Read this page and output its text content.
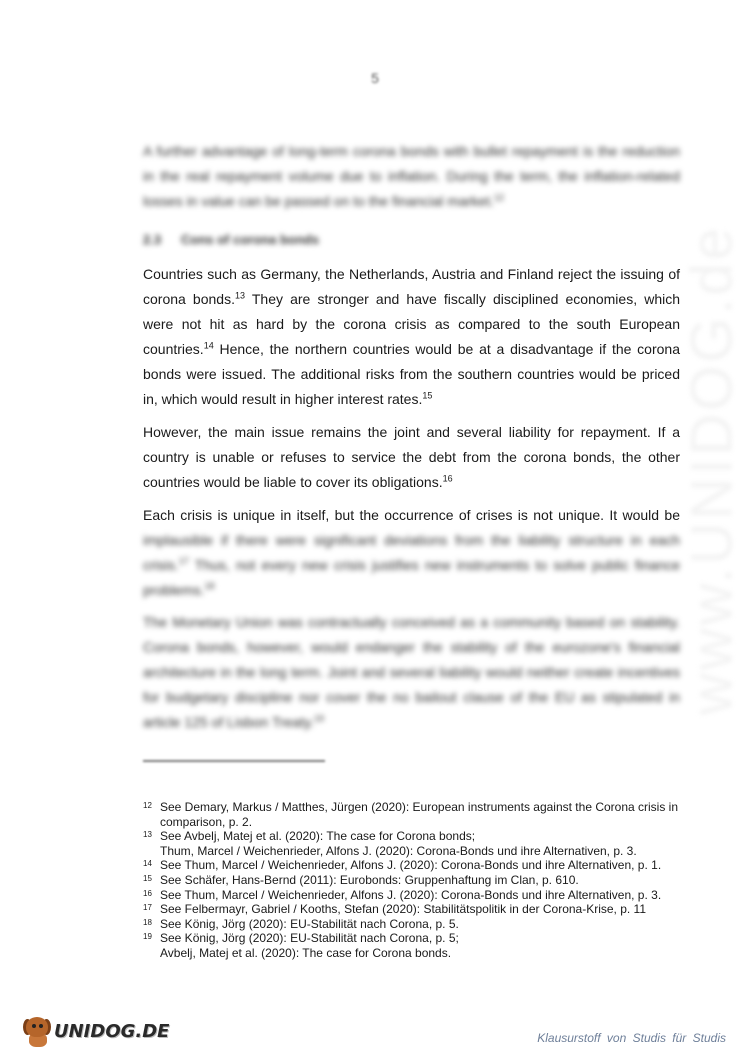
5
www.UNIDOG.de

A further advantage of long-term corona bonds with bullet repayment is the reduction in the real repayment volume due to inflation. During the term, the inflation-related losses in value can be passed on to the financial market.$^{12}$

2.3 Cons of corona bonds

Countries such as Germany, the Netherlands, Austria and Finland reject the issuing of corona bonds.$^{13}$ They are stronger and have fiscally disciplined economies, which were not hit as hard by the corona crisis as compared to the south European countries.$^{14}$ Hence, the northern countries would be at a disadvantage if the corona bonds were issued. The additional risks from the southern countries would be priced in, which would result in higher interest rates.$^{15}$

However, the main issue remains the joint and several liability for repayment. If a country is unable or refuses to service the debt from the corona bonds, the other countries would be liable to cover its obligations.$^{16}$

Each crisis is unique in itself, but the occurrence of crises is not unique. It would be implausible if there were significant deviations from the liability structure in each crisis.$^{17}$ Thus, not every new crisis justifies new instruments to solve public finance problems.$^{18}$

The Monetary Union was contractually conceived as a community based on stability. Corona bonds, however, would endanger the stability of the eurozone's financial architecture in the long term. Joint and several liability would neither create incentives for budgetary discipline nor cover the no bailout clause of the EU as stipulated in article 125 of Lisbon Treaty.$^{19}$

12 See Demary, Markus / Matthes, Jürgen (2020): European instruments against the Corona crisis in comparison, p. 2.
13 See Avbelj, Matej et al. (2020): The case for Corona bonds;
Thum, Marcel / Weichenrieder, Alfons J. (2020): Corona-Bonds und ihre Alternativen, p. 3.
14 See Thum, Marcel / Weichenrieder, Alfons J. (2020): Corona-Bonds und ihre Alternativen, p. 1.
15 See Schäfer, Hans-Bernd (2011): Eurobonds: Gruppenhaftung im Clan, p. 610.
16 See Thum, Marcel / Weichenrieder, Alfons J. (2020): Corona-Bonds und ihre Alternativen, p. 3.
17 See Felbermayr, Gabriel / Kooths, Stefan (2020): Stabilitätspolitik in der Corona-Krise, p. 11
18 See König, Jörg (2020): EU-Stabilität nach Corona, p. 5.
19 See König, Jörg (2020): EU-Stabilität nach Corona, p. 5;
Avbelj, Matej et al. (2020): The case for Corona bonds.
UNIDOG.DE	Klausurstoff von Studis für Studis
